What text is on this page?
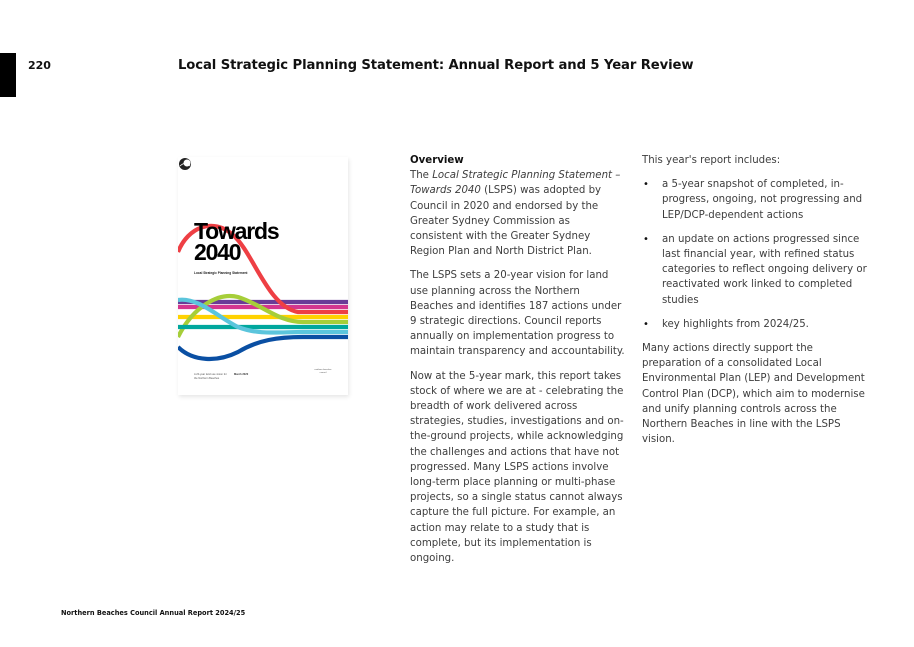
220	Local Strategic Planning Statement: Annual Report and 5 Year Review
Towards
2040
Local Strategic Planning Statement
A 20-year land use vision for
the Northern Beaches
March 2020
northern beaches council
Overview

The Local Strategic Planning Statement – Towards 2040 (LSPS) was adopted by Council in 2020 and endorsed by the Greater Sydney Commission as consistent with the Greater Sydney Region Plan and North District Plan.

The LSPS sets a 20-year vision for land use planning across the Northern Beaches and identifies 187 actions under 9 strategic directions. Council reports annually on implementation progress to maintain transparency and accountability.

Now at the 5-year mark, this report takes stock of where we are at - celebrating the breadth of work delivered across strategies, studies, investigations and on-the-ground projects, while acknowledging the challenges and actions that have not progressed. Many LSPS actions involve long-term place planning or multi-phase projects, so a single status cannot always capture the full picture. For example, an action may relate to a study that is complete, but its implementation is ongoing.

This year's report includes:

• a 5-year snapshot of completed, in-progress, ongoing, not progressing and LEP/DCP-dependent actions
• an update on actions progressed since last financial year, with refined status categories to reflect ongoing delivery or reactivated work linked to completed studies
• key highlights from 2024/25.

Many actions directly support the preparation of a consolidated Local Environmental Plan (LEP) and Development Control Plan (DCP), which aim to modernise and unify planning controls across the Northern Beaches in line with the LSPS vision.

Northern Beaches Council Annual Report 2024/25
